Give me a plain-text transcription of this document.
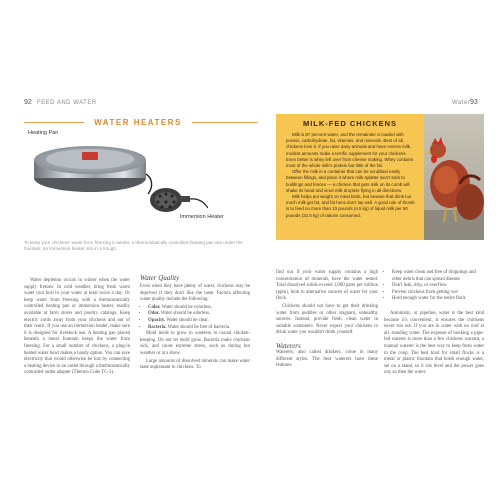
92 FEED AND WATER	Water 93
WATER HEATERS
Heating Pan
Immersion Heater
To keep your chickens' water from freezing in winter, a thermostatically controlled heating pan sits under the fountain; an immersion heater sits in a trough.

Water depletion occurs in winter when the water supply freezes. In cold weather, bring fresh warm water (not hot) to your water at least twice a day. Or keep water from freezing with a thermostatically controlled heating pan or immersion heater, readily available at farm stores and poultry catalogs. Keep electric cords away from your chickens and out of their reach. If you use an immersion heater, make sure it is designed for livestock use. A heating pan placed beneath a metal fountain keeps the water from freezing. For a small number of chickens, a plug-in heated water bowl makes a handy option. You can save electricity that would otherwise be lost by connecting a heating device to an outlet through a thermostatically controlled outlet adapter (Thermo Cube TC-3).

Water Quality

Even when they have plenty of water, chickens may be deprived if they don't like the taste. Factors affecting water quality include the following:

• Color. Water should be colorless.
• Odor. Water should be odorless.
• Opacity. Water should be clear.
• Bacteria. Water should be free of bacteria.

Mold tends to grow in waterers in casual chicken-keeping. Do not let mold grow. Bacteria make chickens sick, and cause extreme stress, such as during hot weather or at a show.

Large amounts of dissolved minerals can make water taste unpleasant to chickens. To

MILK-FED CHICKENS

Milk is 87 percent water, and the remainder is loaded with protein, carbohydrate, fat, vitamins, and minerals. Best of all, chickens love it. If you raise dairy animals and have excess milk, modest amounts make a terrific supplement for your chickens. Even better is whey left over from cheese making. Whey contains most of the whole milk's protein but little of the fat.

Offer the milk in a container that can be scrubbed easily between fillings, and place it where milk splatter won't stick to buildings and fences — a chicken that gets milk on its comb will shake its head and send milk droplets flying in all directions.

Milk helps put weight on meat birds, but beware that drink too much milk get fat, and fat hens don't lay well. A good rule of thumb is to feed no more than 10 pounds (4.5 kg) of liquid milk per 50 pounds (22.5 kg) of rations consumed.

find out if your water supply contains a high concentration of minerals, have the water tested. Total dissolved solids exceed 1,000 parts per million (ppm), look to alternative sources of water for your flock.

Chickens should not have to get their drinking water from puddles or other stagnant, unhealthy sources. Instead, provide fresh, clean water in suitable containers. Never expect your chickens to drink water you wouldn't drink yourself.

Waterers

Waterers, also called drinkers, come in many different styles. The best waterers have these features:

• Keep water clean and free of droppings and other debris that can spread disease
• Don't leak, drip, or overflow
• Prevent chickens from getting wet
• Hold enough water for the entire flock

Automatic, or pipeline, water is the best kind because it's convenient, it ensures the chickens never run out. If you are in water with no roof at all, standing water. The expense of hooking a pipe-fed waterer is more than a few chickens warrant, a manual waterer is the best way to keep fresh water in the coop. The best kind for small flocks is a metal or plastic fountain that holds enough water, set on a stand, so it sits level and the power goes out, so then the water.
